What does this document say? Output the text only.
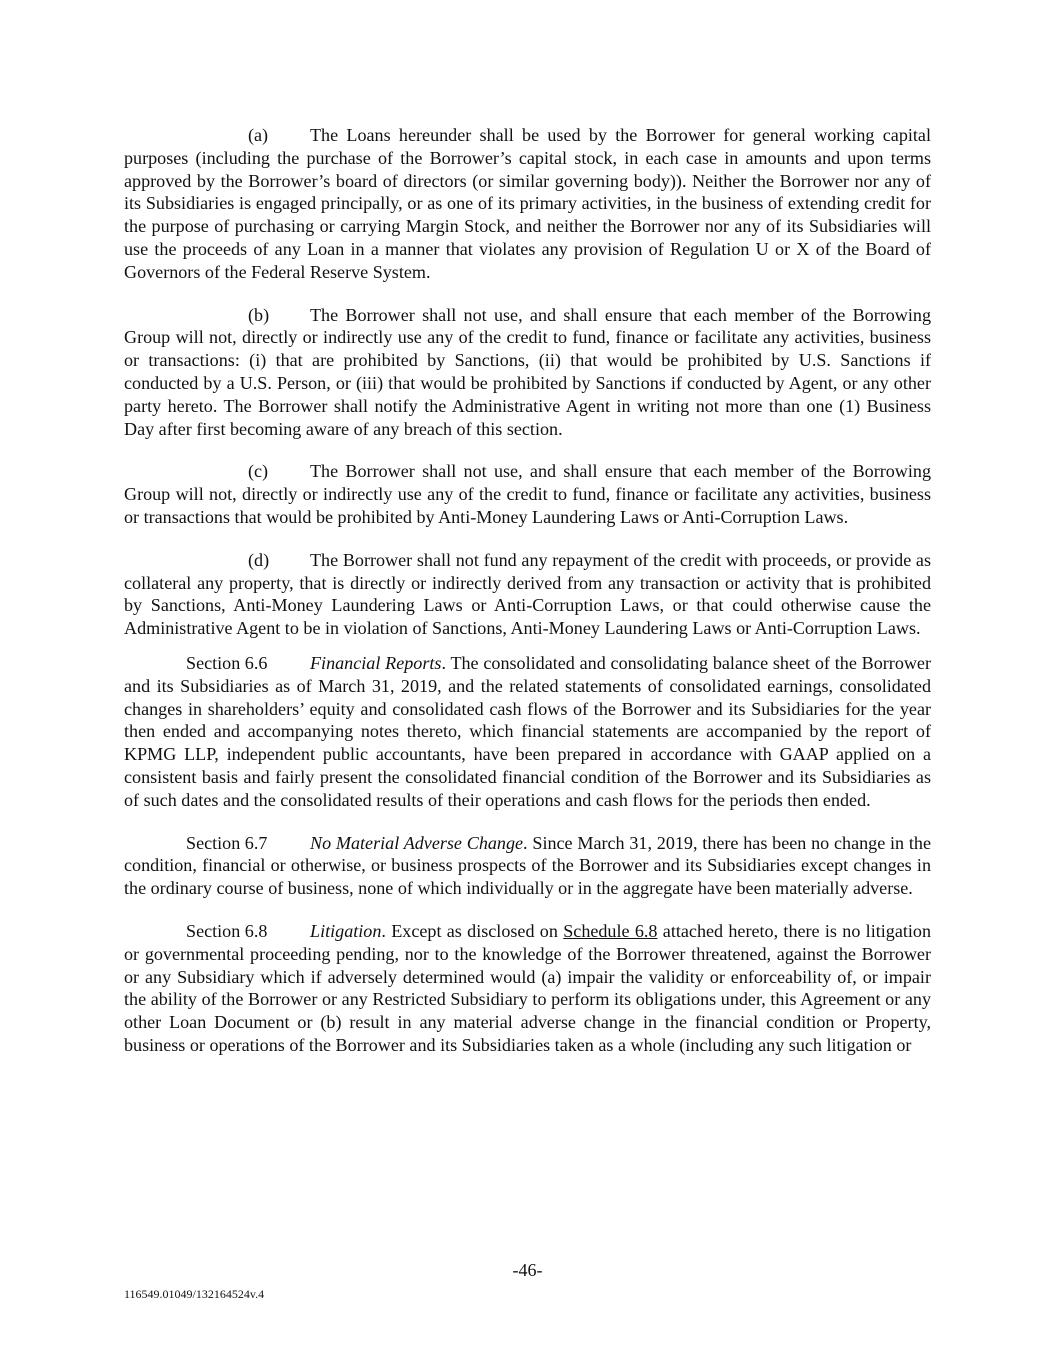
(a) The Loans hereunder shall be used by the Borrower for general working capital purposes (including the purchase of the Borrower’s capital stock, in each case in amounts and upon terms approved by the Borrower’s board of directors (or similar governing body)). Neither the Borrower nor any of its Subsidiaries is engaged principally, or as one of its primary activities, in the business of extending credit for the purpose of purchasing or carrying Margin Stock, and neither the Borrower nor any of its Subsidiaries will use the proceeds of any Loan in a manner that violates any provision of Regulation U or X of the Board of Governors of the Federal Reserve System.

(b) The Borrower shall not use, and shall ensure that each member of the Borrowing Group will not, directly or indirectly use any of the credit to fund, finance or facilitate any activities, business or transactions: (i) that are prohibited by Sanctions, (ii) that would be prohibited by U.S. Sanctions if conducted by a U.S. Person, or (iii) that would be prohibited by Sanctions if conducted by Agent, or any other party hereto. The Borrower shall notify the Administrative Agent in writing not more than one (1) Business Day after first becoming aware of any breach of this section.

(c) The Borrower shall not use, and shall ensure that each member of the Borrowing Group will not, directly or indirectly use any of the credit to fund, finance or facilitate any activities, business or transactions that would be prohibited by Anti-Money Laundering Laws or Anti-Corruption Laws.

(d) The Borrower shall not fund any repayment of the credit with proceeds, or provide as collateral any property, that is directly or indirectly derived from any transaction or activity that is prohibited by Sanctions, Anti-Money Laundering Laws or Anti-Corruption Laws, or that could otherwise cause the Administrative Agent to be in violation of Sanctions, Anti-Money Laundering Laws or Anti-Corruption Laws.

Section 6.6 Financial Reports. The consolidated and consolidating balance sheet of the Borrower and its Subsidiaries as of March 31, 2019, and the related statements of consolidated earnings, consolidated changes in shareholders’ equity and consolidated cash flows of the Borrower and its Subsidiaries for the year then ended and accompanying notes thereto, which financial statements are accompanied by the report of KPMG LLP, independent public accountants, have been prepared in accordance with GAAP applied on a consistent basis and fairly present the consolidated financial condition of the Borrower and its Subsidiaries as of such dates and the consolidated results of their operations and cash flows for the periods then ended.

Section 6.7 No Material Adverse Change. Since March 31, 2019, there has been no change in the condition, financial or otherwise, or business prospects of the Borrower and its Subsidiaries except changes in the ordinary course of business, none of which individually or in the aggregate have been materially adverse.

Section 6.8 Litigation. Except as disclosed on Schedule 6.8 attached hereto, there is no litigation or governmental proceeding pending, nor to the knowledge of the Borrower threatened, against the Borrower or any Subsidiary which if adversely determined would (a) impair the validity or enforceability of, or impair the ability of the Borrower or any Restricted Subsidiary to perform its obligations under, this Agreement or any other Loan Document or (b) result in any material adverse change in the financial condition or Property, business or operations of the Borrower and its Subsidiaries taken as a whole (including any such litigation or

-46-
116549.01049/132164524v.4
